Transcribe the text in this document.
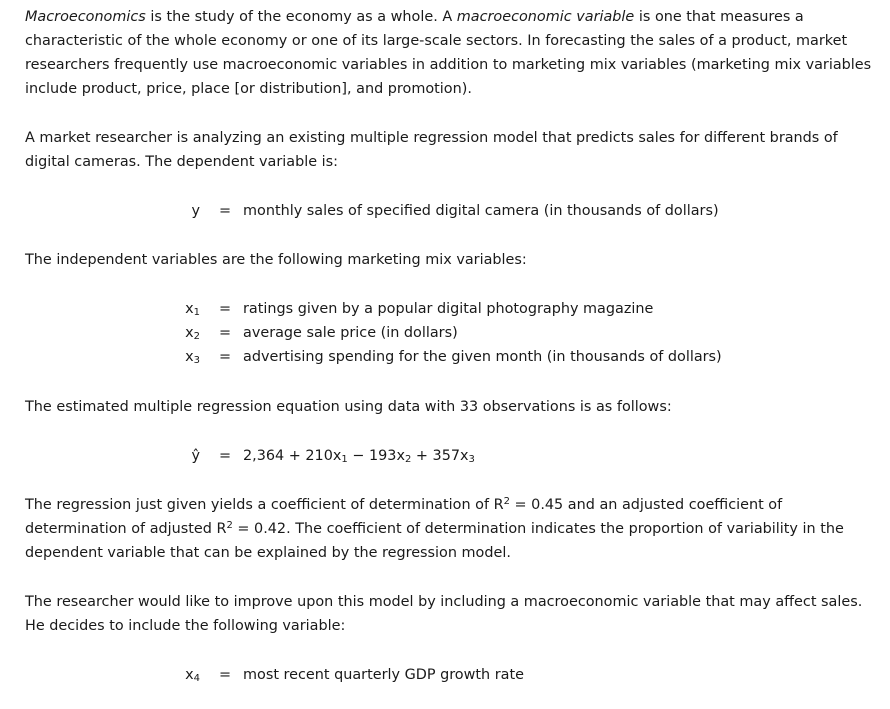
Macroeconomics is the study of the economy as a whole. A macroeconomic variable is one that measures a characteristic of the whole economy or one of its large-scale sectors. In forecasting the sales of a product, market researchers frequently use macroeconomic variables in addition to marketing mix variables (marketing mix variables include product, price, place [or distribution], and promotion).

A market researcher is analyzing an existing multiple regression model that predicts sales for different brands of digital cameras. The dependent variable is:

y = monthly sales of specified digital camera (in thousands of dollars)

The independent variables are the following marketing mix variables:

$x_1$ = ratings given by a popular digital photography magazine
$x_2$ = average sale price (in dollars)
$x_3$ = advertising spending for the given month (in thousands of dollars)

The estimated multiple regression equation using data with 33 observations is as follows:

ŷ = $2,364 + 210x_1 - 193x_2 + 357x_3$

The regression just given yields a coefficient of determination of $R^2 = 0.45$ and an adjusted coefficient of determination of adjusted $R^2 = 0.42$. The coefficient of determination indicates the proportion of variability in the dependent variable that can be explained by the regression model.

The researcher would like to improve upon this model by including a macroeconomic variable that may affect sales. He decides to include the following variable:

$x_4$ = most recent quarterly GDP growth rate
